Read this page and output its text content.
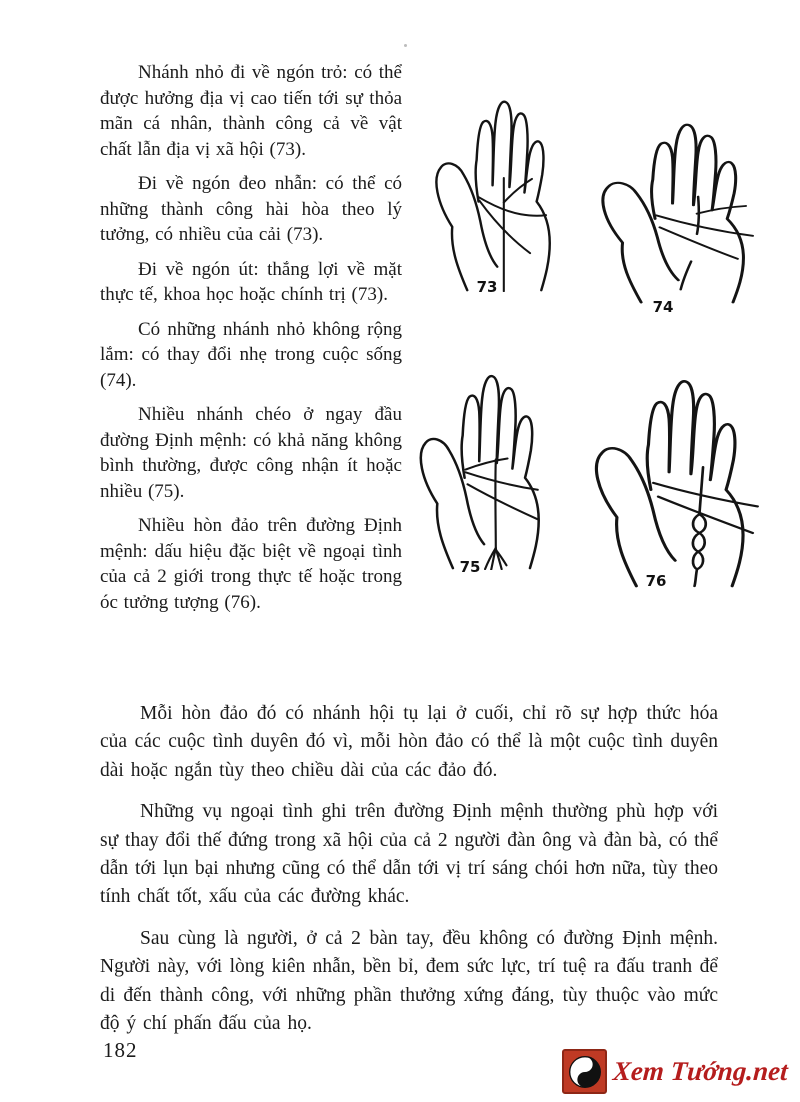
Nhánh nhỏ đi về ngón trỏ: có thể được hưởng địa vị cao tiến tới sự thỏa mãn cá nhân, thành công cả về vật chất lẫn địa vị xã hội (73).

Đi về ngón đeo nhẫn: có thể có những thành công hài hòa theo lý tưởng, có nhiều của cải (73).

Đi về ngón út: thắng lợi về mặt thực tế, khoa học hoặc chính trị (73).

Có những nhánh nhỏ không rộng lắm: có thay đổi nhẹ trong cuộc sống (74).

Nhiều nhánh chéo ở ngay đầu đường Định mệnh: có khả năng không bình thường, được công nhận ít hoặc nhiều (75).

Nhiều hòn đảo trên đường Định mệnh: dấu hiệu đặc biệt về ngoại tình của cả 2 giới trong thực tế hoặc trong óc tưởng tượng (76).

73
74
75
76

Mỗi hòn đảo đó có nhánh hội tụ lại ở cuối, chỉ rõ sự hợp thức hóa của các cuộc tình duyên đó vì, mỗi hòn đảo có thể là một cuộc tình duyên dài hoặc ngắn tùy theo chiều dài của các đảo đó.

Những vụ ngoại tình ghi trên đường Định mệnh thường phù hợp với sự thay đổi thế đứng trong xã hội của cả 2 người đàn ông và đàn bà, có thể dẫn tới lụn bại nhưng cũng có thể dẫn tới vị trí sáng chói hơn nữa, tùy theo tính chất tốt, xấu của các đường khác.

Sau cùng là người, ở cả 2 bàn tay, đều không có đường Định mệnh. Người này, với lòng kiên nhẫn, bền bỉ, đem sức lực, trí tuệ ra đấu tranh để di đến thành công, với những phần thưởng xứng đáng, tùy thuộc vào mức độ ý chí phấn đấu của họ.

182
Xem Tướng.net
